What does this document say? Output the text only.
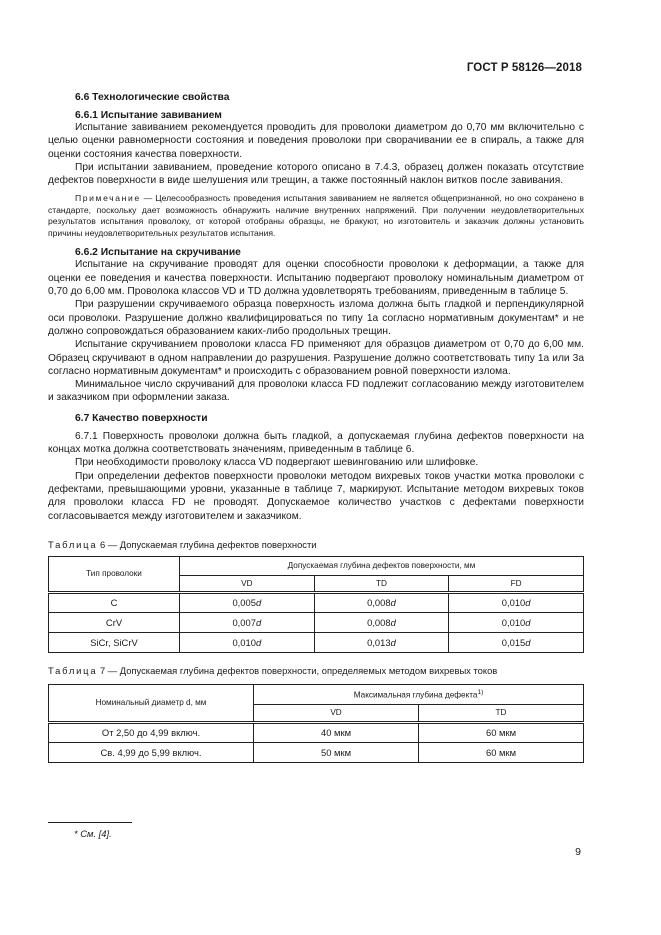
ГОСТ Р 58126—2018

6.6 Технологические свойства

6.6.1 Испытание завиванием

Испытание завиванием рекомендуется проводить для проволоки диаметром до 0,70 мм включительно с целью оценки равномерности состояния и поведения проволоки при сворачивании ее в спираль, а также для оценки состояния качества поверхности.

При испытании завиванием, проведение которого описано в 7.4.3, образец должен показать отсутствие дефектов поверхности в виде шелушения или трещин, а также постоянный наклон витков после завивания.

Примечание — Целесообразность проведения испытания завиванием не является общепризнанной, но оно сохранено в стандарте, поскольку дает возможность обнаружить наличие внутренних напряжений. При получении неудовлетворительных результатов испытания проволоку, от которой отобраны образцы, не бракуют, но изготовитель и заказчик должны установить причины неудовлетворительных результатов испытания.

6.6.2 Испытание на скручивание

Испытание на скручивание проводят для оценки способности проволоки к деформации, а также для оценки ее поведения и качества поверхности. Испытанию подвергают проволоку номинальным диаметром от 0,70 до 6,00 мм. Проволока классов VD и TD должна удовлетворять требованиям, приведенным в таблице 5.

При разрушении скручиваемого образца поверхность излома должна быть гладкой и перпендикулярной оси проволоки. Разрушение должно квалифицироваться по типу 1а согласно нормативным документам* и не должно сопровождаться образованием каких-либо продольных трещин.

Испытание скручиванием проволоки класса FD применяют для образцов диаметром от 0,70 до 6,00 мм. Образец скручивают в одном направлении до разрушения. Разрушение должно соответствовать типу 1а или 3а согласно нормативным документам* и происходить с образованием ровной поверхности излома.

Минимальное число скручиваний для проволоки класса FD подлежит согласованию между изготовителем и заказчиком при оформлении заказа.

6.7 Качество поверхности

6.7.1 Поверхность проволоки должна быть гладкой, а допускаемая глубина дефектов поверхности на концах мотка должна соответствовать значениям, приведенным в таблице 6.

При необходимости проволоку класса VD подвергают шевингованию или шлифовке.

При определении дефектов поверхности проволоки методом вихревых токов участки мотка проволоки с дефектами, превышающими уровни, указанные в таблице 7, маркируют. Испытание методом вихревых токов для проволоки класса FD не проводят. Допускаемое количество участков с дефектами поверхности согласовывается между изготовителем и заказчиком.

Таблица 6 — Допускаемая глубина дефектов поверхности

Тип проволоки	Допускаемая глубина дефектов поверхности, мм		
	VD	TD	FD
C	0,005d	0,008d	0,010d
CrV	0,007d	0,008d	0,010d
SiCr, SiCrV	0,010d	0,013d	0,015d

Таблица 7 — Допускаемая глубина дефектов поверхности, определяемых методом вихревых токов

Номинальный диаметр d, мм	Максимальная глубина дефекта$^{1)}$
	VD	TD
От 2,50 до 4,99 включ.	40 мкм	60 мкм
Св. 4,99 до 5,99 включ.	50 мкм	60 мкм
* См. [4].
9
